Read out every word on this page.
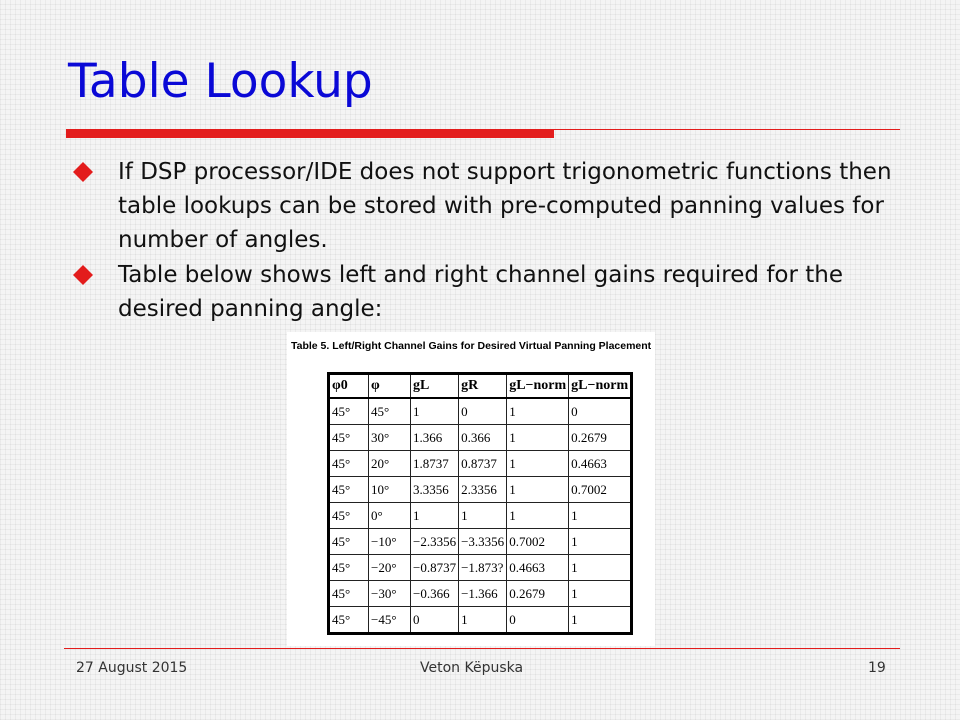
Table Lookup
If DSP processor/IDE does not support trigonometric functions then table lookups can be stored with pre-computed panning values for number of angles.
Table below shows left and right channel gains required for the desired panning angle:
Table 5. Left/Right Channel Gains for Desired Virtual Panning Placement
φ0	φ	gL	gR	gL−norm	gL−norm
45°	45°	1	0	1	0
45°	30°	1.366	0.366	1	0.2679
45°	20°	1.8737	0.8737	1	0.4663
45°	10°	3.3356	2.3356	1	0.7002
45°	0°	1	1	1	1
45°	−10°	−2.3356	−3.3356	0.7002	1
45°	−20°	−0.8737	−1.873?	0.4663	1
45°	−30°	−0.366	−1.366	0.2679	1
45°	−45°	0	1	0	1
27 August 2015	Veton Këpuska	19
